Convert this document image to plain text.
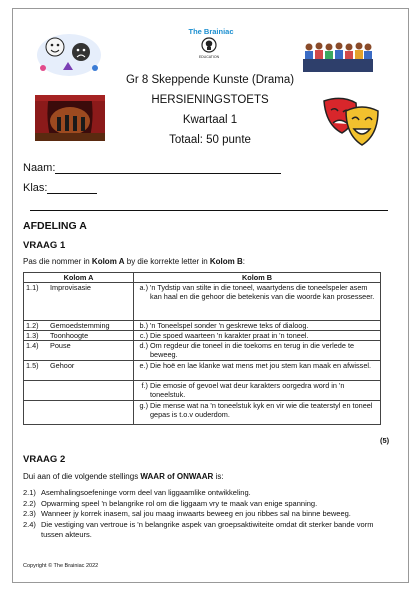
The Brainiac
EDUCATION
Gr 8 Skeppende Kunste (Drama)
HERSIENINGSTOETS
Kwartaal 1
Totaal: 50 punte
Naam:
Klas:
AFDELING A
VRAAG 1
Pas die nommer in Kolom A by die korrekte letter in Kolom B:
Kolom A	Kolom B

1.1) Improvisasie	a.) 'n Tydstip van stilte in die toneel, waartydens die toneelspeler asem kan haal en die gehoor die betekenis van die woorde kan prosesseer.

1.2) Gemoedstemming	b.) 'n Toneelspel sonder 'n geskrewe teks of dialoog.

1.3) Toonhoogte	c.) Die spoed waarteen 'n karakter praat in 'n toneel.

1.4) Pouse	d.) Om regdeur die toneel in die toekoms en terug in die verlede te beweeg.

1.5) Gehoor	e.) Die hoë en lae klanke wat mens met jou stem kan maak en afwissel.

	f.) Die emosie of gevoel wat deur karakters oorgedra word in 'n toneelstuk.

	g.) Die mense wat na 'n toneelstuk kyk en vir wie die teaterstyl en toneel gepas is t.o.v ouderdom.
(5)
VRAAG 2
Dui aan of die volgende stellings WAAR of ONWAAR is:
2.1) Asemhalingsoefeninge vorm deel van liggaamlike ontwikkeling.
2.2) Opwarming speel 'n belangrike rol om die liggaam vry te maak van enige spanning.
2.3) Wanneer jy korrek inasem, sal jou maag inwaarts beweeg en jou ribbes sal na binne beweeg.
2.4) Die vestiging van vertroue is 'n belangrike aspek van groepsaktiwiteite omdat dit sterker bande vorm tussen akteurs.
Copyright © The Brainiac 2022
